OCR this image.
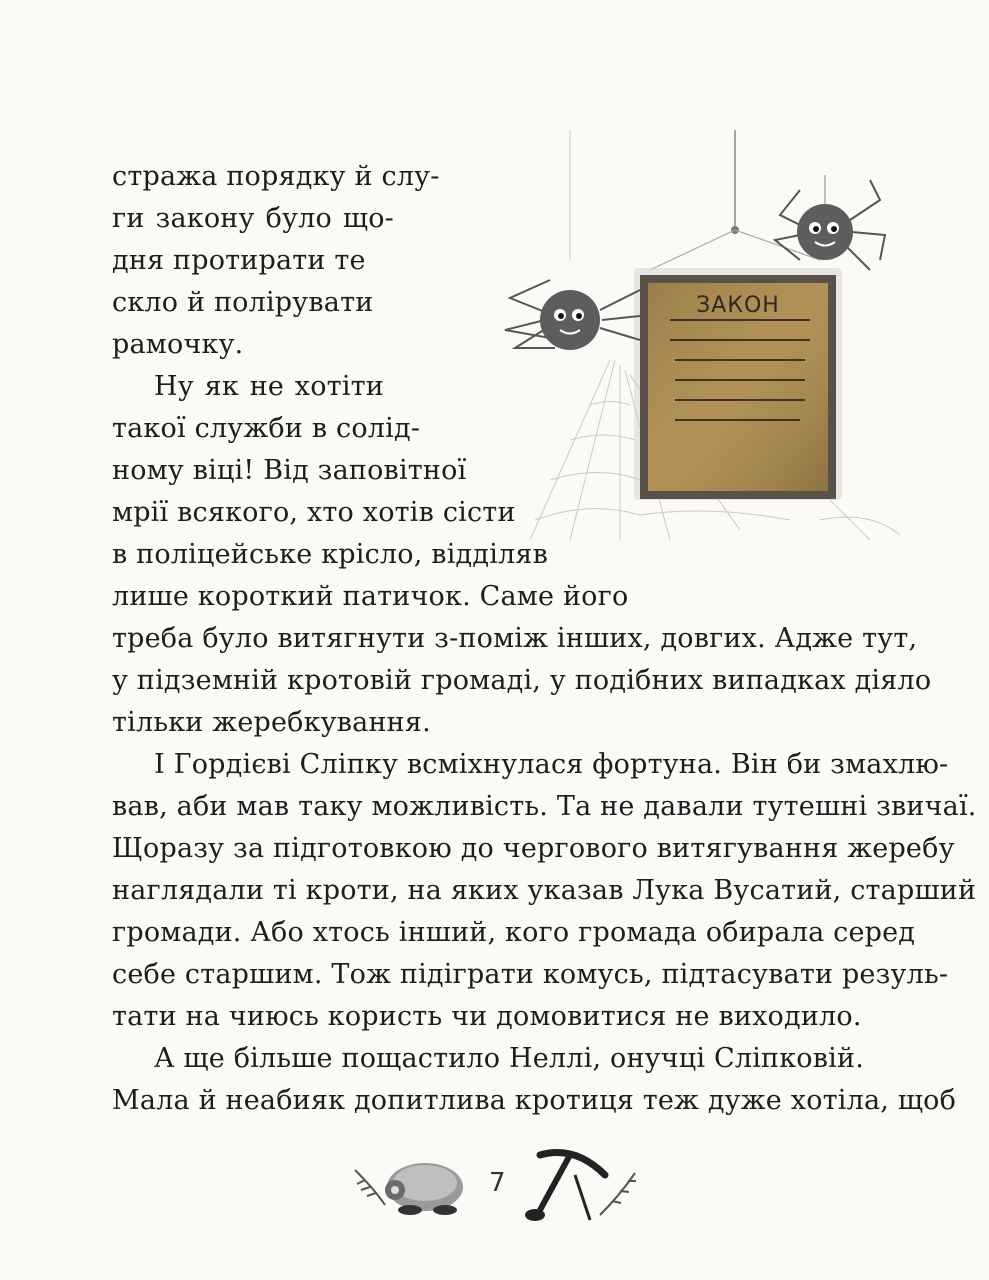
стража порядку й слу-
ги закону було що-
дня протирати те
скло й полірувати
рамочку.
Ну як не хотіти
такої служби в солід-
ному віці! Від заповітної
мрії всякого, хто хотів сісти
в поліцейське крісло, відділяв
лише короткий патичок. Саме його
треба було витягнути з-поміж інших, довгих. Адже тут,
у підземній кротовій громаді, у подібних випадках діяло
тільки жеребкування.
І Гордієві Сліпку всміхнулася фортуна. Він би змахлю-
вав, аби мав таку можливість. Та не давали тутешні звичаї.
Щоразу за підготовкою до чергового витягування жеребу
наглядали ті кроти, на яких указав Лука Вусатий, старший
громади. Або хтось інший, кого громада обирала серед
себе старшим. Тож підіграти комусь, підтасувати резуль-
тати на чиюсь користь чи домовитися не виходило.
А ще більше пощастило Неллі, онучці Сліпковій.
Мала й неабияк допитлива кротиця теж дуже хотіла, щоб
ЗАКОН
7
